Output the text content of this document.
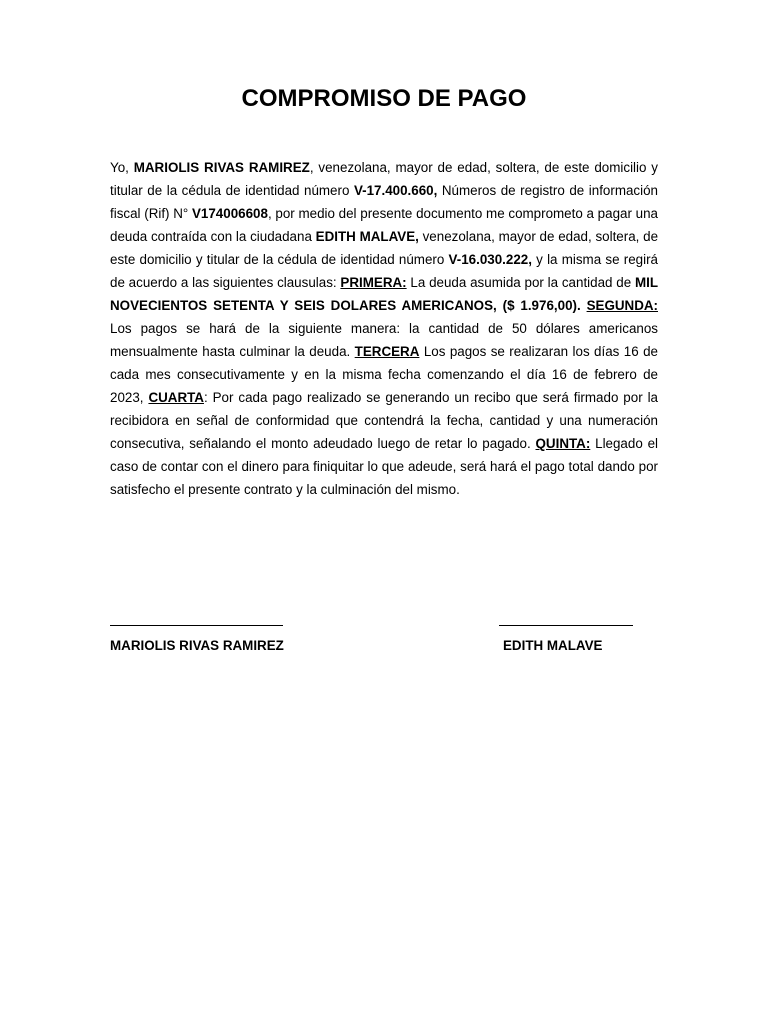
COMPROMISO DE PAGO

Yo, MARIOLIS RIVAS RAMIREZ, venezolana, mayor de edad, soltera, de este domicilio y titular de la cédula de identidad número V-17.400.660, Números de registro de información fiscal (Rif) N° V174006608, por medio del presente documento me comprometo a pagar una deuda contraída con la ciudadana EDITH MALAVE, venezolana, mayor de edad, soltera, de este domicilio y titular de la cédula de identidad número V-16.030.222, y la misma se regirá de acuerdo a las siguientes clausulas: PRIMERA: La deuda asumida por la cantidad de MIL NOVECIENTOS SETENTA Y SEIS DOLARES AMERICANOS, ($ 1.976,00). SEGUNDA: Los pagos se hará de la siguiente manera: la cantidad de 50 dólares americanos mensualmente hasta culminar la deuda. TERCERA Los pagos se realizaran los días 16 de cada mes consecutivamente y en la misma fecha comenzando el día 16 de febrero de 2023, CUARTA: Por cada pago realizado se generando un recibo que será firmado por la recibidora en señal de conformidad que contendrá la fecha, cantidad y una numeración consecutiva, señalando el monto adeudado luego de retar lo pagado. QUINTA: Llegado el caso de contar con el dinero para finiquitar lo que adeude, será hará el pago total dando por satisfecho el presente contrato y la culminación del mismo.

MARIOLIS RIVAS RAMIREZ	EDITH MALAVE
